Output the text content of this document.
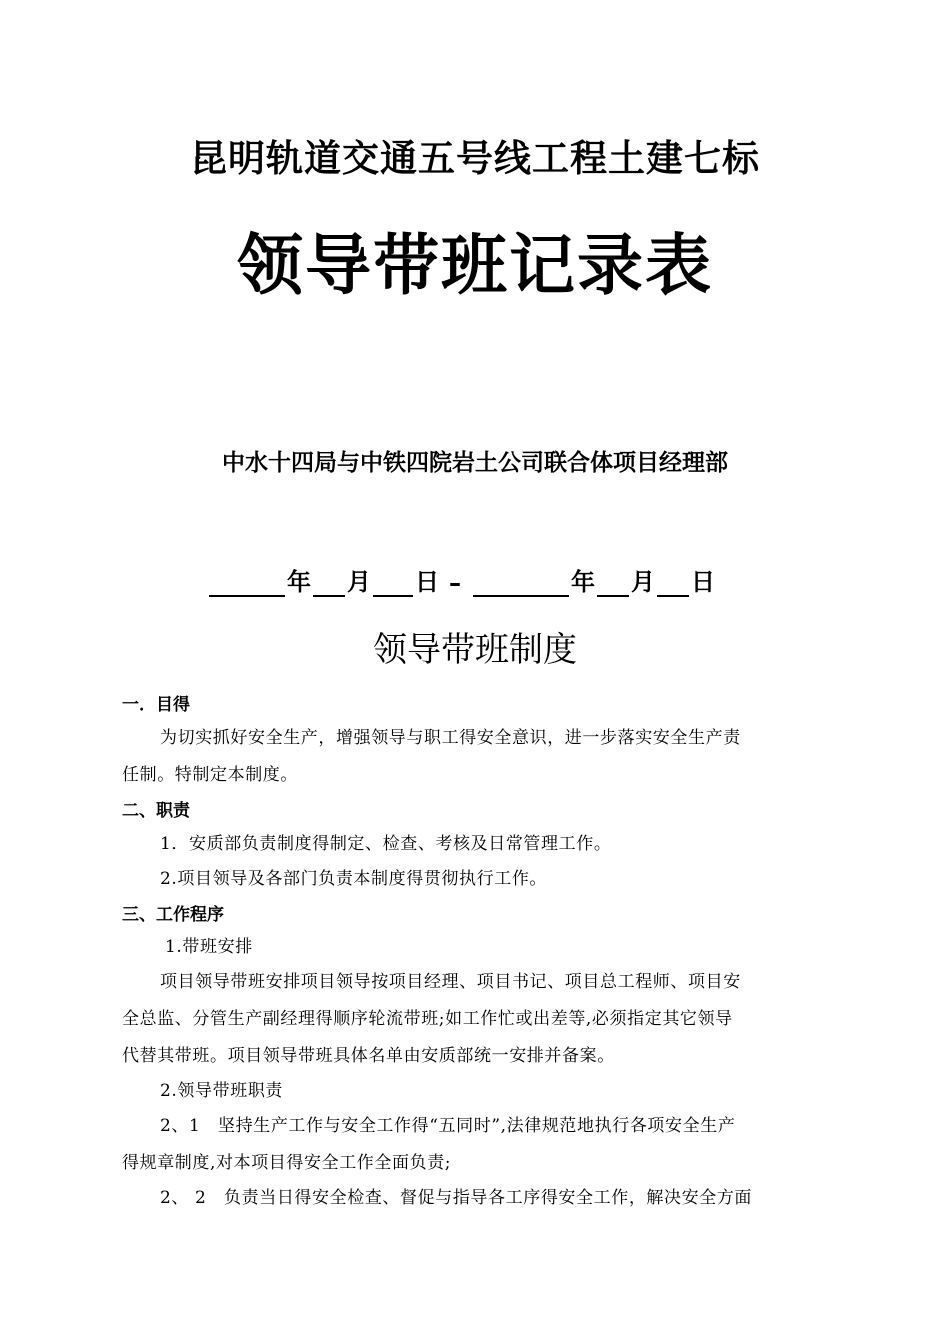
昆明轨道交通五号线工程土建七标
领导带班记录表
中水十四局与中铁四院岩土公司联合体项目经理部
年 月 日 –	年 月 日
领导带班制度
一．目得
为切实抓好安全生产，增强领导与职工得安全意识，进一步落实安全生产责
任制。特制定本制度。
二、职责
1．安质部负责制度得制定、检查、考核及日常管理工作。
2.项目领导及各部门负责本制度得贯彻执行工作。
三、工作程序
1.带班安排
项目领导带班安排项目领导按项目经理、项目书记、项目总工程师、项目安
全总监、分管生产副经理得顺序轮流带班;如工作忙或出差等,必须指定其它领导
代替其带班。项目领导带班具体名单由安质部统一安排并备案。
2.领导带班职责
2、1　坚持生产工作与安全工作得“五同时”,法律规范地执行各项安全生产
得规章制度,对本项目得安全工作全面负责;
2、 2　负责当日得安全检查、督促与指导各工序得安全工作，解决安全方面
